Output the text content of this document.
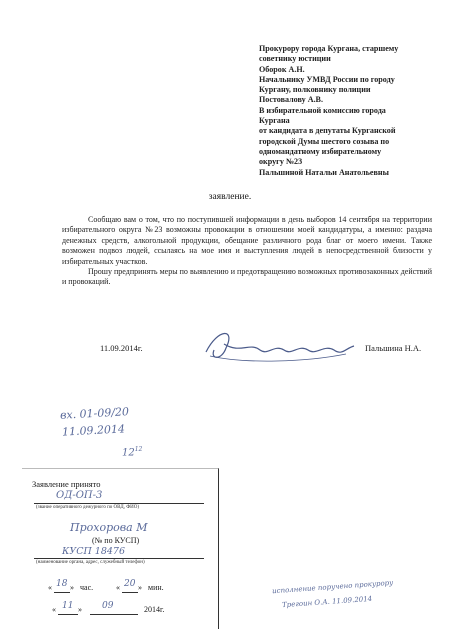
Прокурору города Кургана, старшему
советнику юстиции
Оборок А.Н.
Начальнику УМВД России по городу
Кургану, полковнику полиции
Постовалову А.В.
В избирательной комиссию города
Кургана
от кандидата в депутаты Курганской
городской Думы шестого созыва по
одномандатному избирательному
округу №23
Пальшиной Натальи Анатольевны
заявление.

Сообщаю вам о том, что по поступившей информации в день выборов 14 сентября на территории избирательного округа №23 возможны провокации в отношении моей кандидатуры, а именно: раздача денежных средств, алкогольной продукции, обещание различного рода благ от моего имени. Также возможен подвоз людей, ссылаясь на мое имя и выступления людей в непосредственной близости у избирательных участков.

Прошу предпринять меры по выявлению и предотвращению возможных противозаконных действий и провокаций.

11.09.2014г.	Пальшина Н.А.
вх. 01-09/20
11.09.2014
$12^{12}$
Заявление принято
ОД-ОП-3
(звание оперативного дежурного по ОВД, ФИО)
Прохорова М
(№ по КУСП)
КУСП 18476
(наименование органа, адрес, служебный телефон)
« 18 » час.	« 20 » мин.
« 11 » 09	2014г.
исполнение поручено прокурору
Трегоин О.А. 11.09.2014
